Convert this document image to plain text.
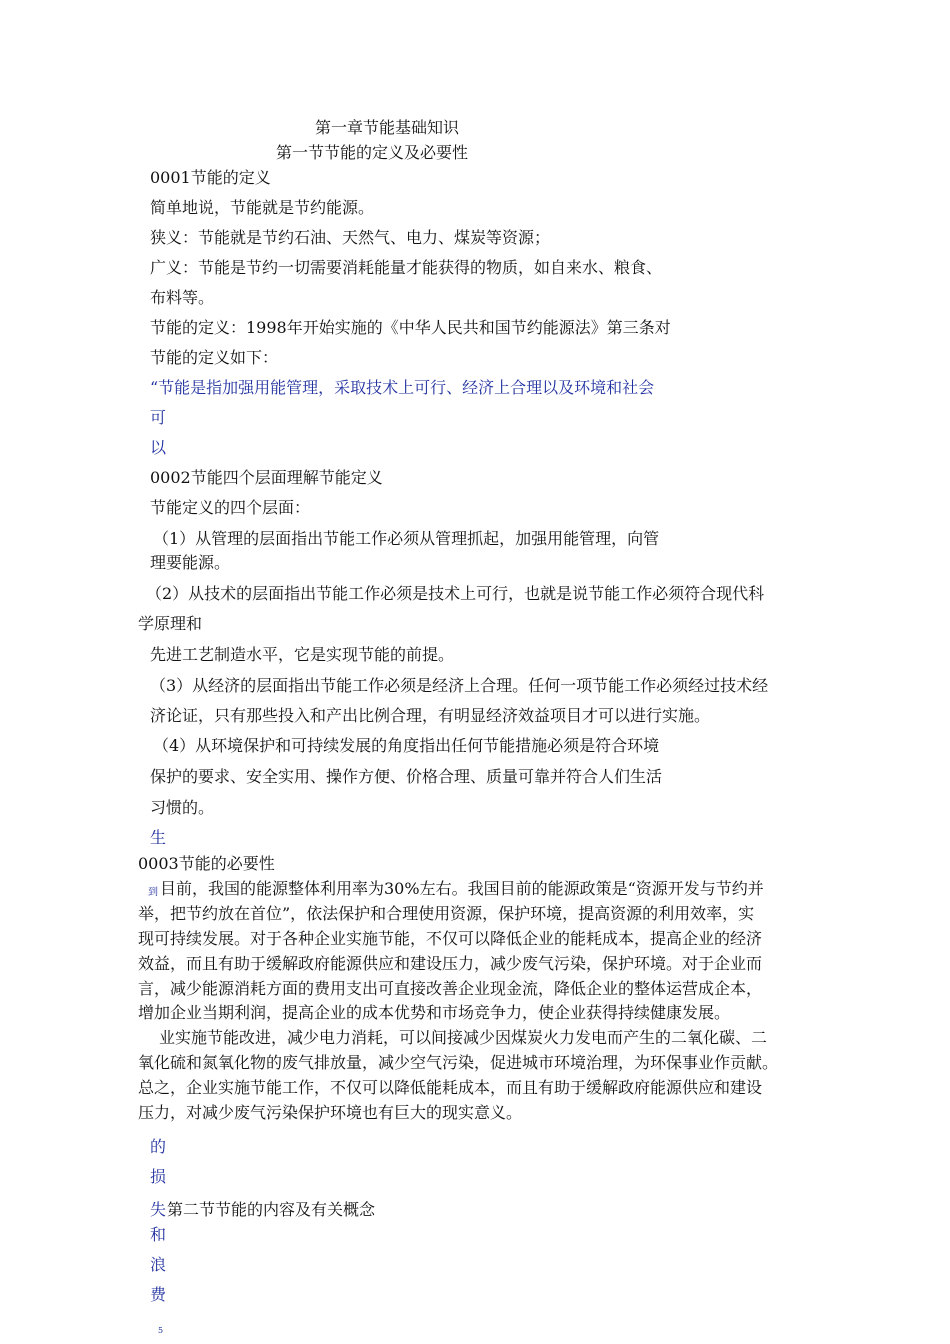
第一章节能基础知识
第一节节能的定义及必要性
0001节能的定义
简单地说，节能就是节约能源。
狭义：节能就是节约石油、天然气、电力、煤炭等资源；
广义：节能是节约一切需要消耗能量才能获得的物质，如自来水、粮食、
布料等。
节能的定义：1998年开始实施的《中华人民共和国节约能源法》第三条对
节能的定义如下：
“节能是指加强用能管理，采取技术上可行、经济上合理以及环境和社会
可
以
0002节能四个层面理解节能定义
节能定义的四个层面：
（1）从管理的层面指出节能工作必须从管理抓起，加强用能管理，向管
理要能源。
（2）从技术的层面指出节能工作必须是技术上可行，也就是说节能工作必须符合现代科
学原理和
先进工艺制造水平，它是实现节能的前提。
（3）从经济的层面指出节能工作必须是经济上合理。任何一项节能工作必须经过技术经
济论证，只有那些投入和产出比例合理，有明显经济效益项目才可以进行实施。
（4）从环境保护和可持续发展的角度指出任何节能措施必须是符合环境
保护的要求、安全实用、操作方便、价格合理、质量可靠并符合人们生活
习惯的。
生
0003节能的必要性
到 目前，我国的能源整体利用率为30%左右。我国目前的能源政策是“资源开发与节约并
举，把节约放在首位”，依法保护和合理使用资源，保护环境，提高资源的利用效率，实
现可持续发展。对于各种企业实施节能，不仅可以降低企业的能耗成本，提高企业的经济
效益，而且有助于缓解政府能源供应和建设压力，减少废气污染，保护环境。对于企业而
言，减少能源消耗方面的费用支出可直接改善企业现金流，降低企业的整体运营成企本，
增加企业当期利润，提高企业的成本优势和市场竞争力，使企业获得持续健康发展。
业实施节能改进，减少电力消耗，可以间接减少因煤炭火力发电而产生的二氧化碳、二
氧化硫和氮氧化物的废气排放量，减少空气污染，促进城市环境治理，为环保事业作贡献。
总之，企业实施节能工作，不仅可以降低能耗成本，而且有助于缓解政府能源供应和建设
压力，对减少废气污染保护环境也有巨大的现实意义。
的
损
失 第二节节能的内容及有关概念
和
浪
费
5
